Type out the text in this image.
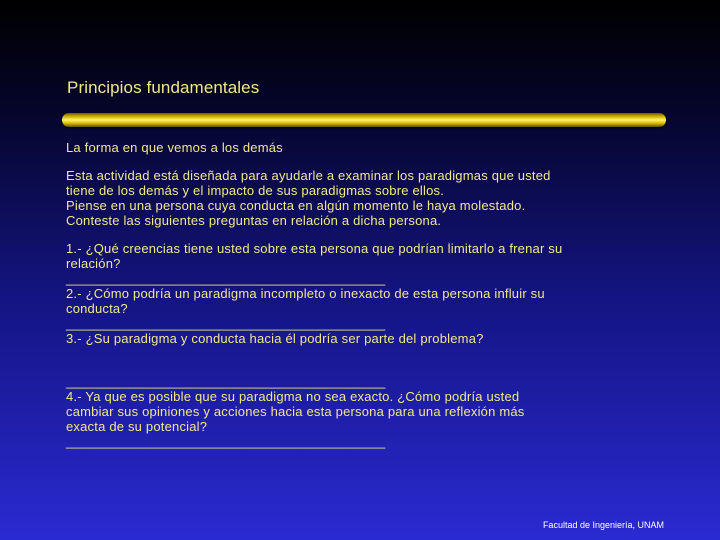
Principios fundamentales

La forma en que vemos a los demás

Esta actividad está diseñada para ayudarle a examinar los paradigmas que usted

tiene de los demás y el impacto de sus paradigmas sobre ellos.

Piense en una persona cuya conducta en algún momento le haya molestado.

Conteste las siguientes preguntas en relación a dicha persona.

1.- ¿Qué creencias tiene usted sobre esta persona que podrían limitarlo a frenar su

relación?

___________________________________________

2.- ¿Cómo podría un paradigma incompleto o inexacto de esta persona influir su

conducta?

___________________________________________

3.- ¿Su paradigma y conducta hacia él podría ser parte del problema?

___________________________________________

4.- Ya que es posible que su paradigma no sea exacto. ¿Cómo podría usted

cambiar sus opiniones y acciones hacia esta persona para una reflexión más

exacta de su potencial?

___________________________________________

Facultad de Ingeniería, UNAM
